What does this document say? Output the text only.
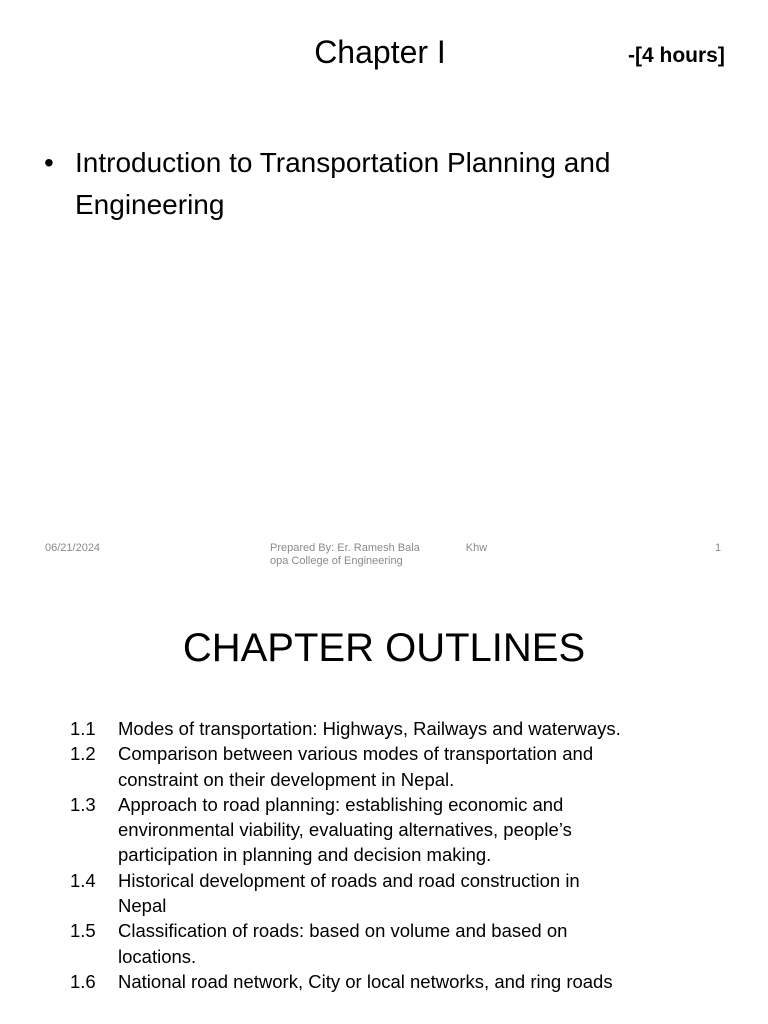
Chapter I	-[4 hours]
• Introduction to Transportation Planning and Engineering
06/21/2024	Prepared By: Er. Ramesh Bala	Khw
opa College of Engineering
1
CHAPTER OUTLINES
1.1	Modes of transportation: Highways, Railways and waterways.
1.2	Comparison between various modes of transportation and constraint on their development in Nepal.
1.3	Approach to road planning: establishing economic and environmental viability, evaluating alternatives, people’s participation in planning and decision making.
1.4	Historical development of roads and road construction in Nepal
1.5	Classification of roads: based on volume and based on locations.
1.6	National road network, City or local networks, and ring roads
